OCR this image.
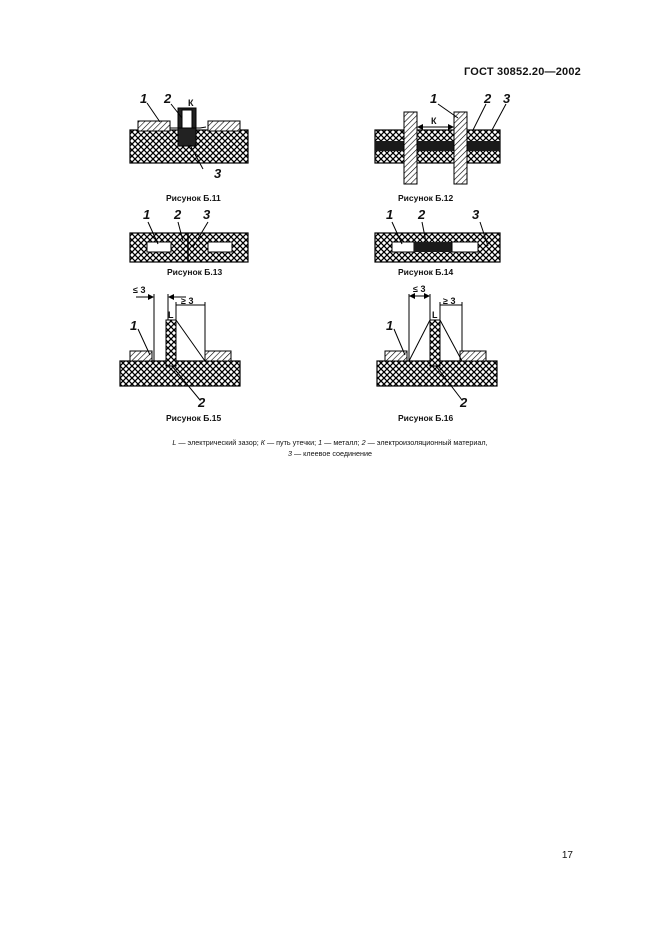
ГОСТ 30852.20—2002
1 2 К
3
Рисунок Б.11
1
К
2 3
Рисунок Б.12
1 2 3
Рисунок Б.13
1 2	3
Рисунок Б.14
≤ 3
≥ 3
L
1
2
Рисунок Б.15
≤ 3
≥ 3
L
1
2
Рисунок Б.16
L — электрический зазор; К — путь утечки; 1 — металл; 2 — электроизоляционный материал,
3 — клеевое соединение
17
